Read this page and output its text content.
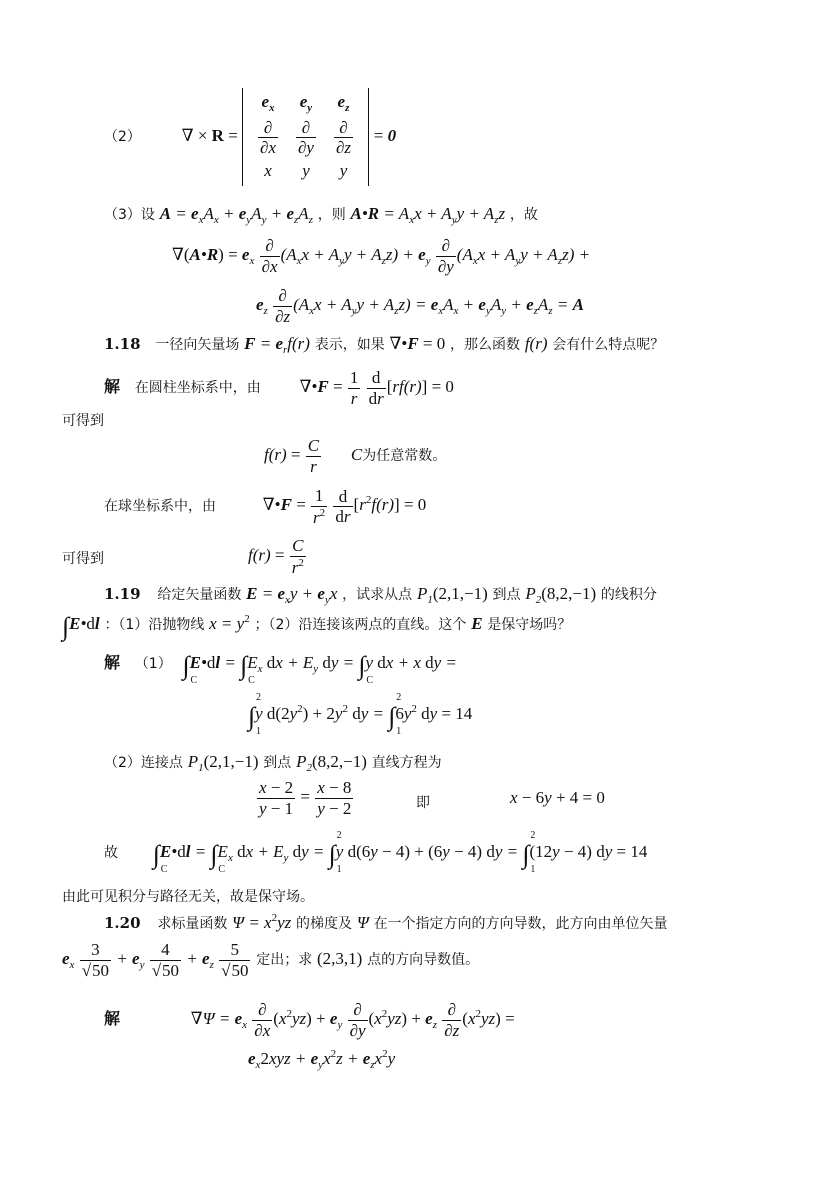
（2） ∇ × R =
$e_x$	$e_y$	$e_z$

$\frac{\partial}{\partial x}$	$\frac{\partial}{\partial y}$	$\frac{\partial}{\partial z}$

x	y	y
= 0
（3）设 $A = e_xA_x + e_yA_y + e_zA_z$ ，则 A•R = $A_xx + A_yy + A_zz$ ，故
∇(A•R) = $e_x \frac{\partial}{\partial x} (A_xx + A_yy + A_zz) + e_y \frac{\partial}{\partial y} (A_xx + A_yy + A_zz)$ +
$e_z \frac{\partial}{\partial z} (A_xx + A_yy + A_zz) = e_xA_x + e_yA_y + e_zA_z = A$
1.18 一径向矢量场 $F = e_rf(r)$ 表示，如果 ∇•F = 0 ，那么函数 f(r) 会有什么特点呢？
解 在圆柱坐标系中，由 ∇•F = $\frac{1}{r}$
$\frac{d}{dr} [rf(r)] = 0$
可得到
$f(r) = \frac{C}{r}$ C为任意常数。
在球坐标系中，由	∇•F = $\frac{1}{r^2}$
$\frac{d}{dr} [r^2f(r)] = 0$
可得到	$f(r) = \frac{C}{r^2}$
1.19 给定矢量函数 $E = e_xy + e_yx$ ，试求从点 $P_1(2,1,-1)$ 到点 $P_2(8,2,-1)$ 的线积分
∫E•dl ：（1）沿抛物线 $x = y^2$ ；（2）沿连接该两点的直线。这个 E 是保守场吗？
解 （1） ∫
C
E•dl = ∫
C
$E_x$ dx + $E_y$ dy = ∫
C
y dx + x dy =
∫
2
1
y $d(2y^2) + 2y^2$ dy = ∫
2
1
$6y^2$ dy = 14
（2）连接点 $P_1(2,1,-1)$ 到点 $P_2(8,2,-1)$ 直线方程为
$\frac{x - 2}{y - 1} = \frac{x - 8}{y - 2}$	即	x − 6y + 4 = 0
故 ∫
C
E•dl = ∫
C
$E_x$ dx + $E_y$ dy = ∫
2
1
y d(6y − 4) + (6y − 4) dy = ∫
2
1
(12y − 4) dy = 14
由此可见积分与路径无关，故是保守场。
1.20 求标量函数 $\Psi = x^2yz$ 的梯度及 Ψ 在一个指定方向的方向导数，此方向由单位矢量
$e_x \frac{3}{√50} + e_y \frac{4}{√50} + e_z \frac{5}{√50}$ 定出；求 (2,3,1) 点的方向导数值。
解	$\nabla\Psi = e_x \frac{\partial}{\partial x} (x^2yz) + e_y \frac{\partial}{\partial y} (x^2yz) + e_z \frac{\partial}{\partial z} (x^2yz)$ =
$e_x2xyz + e_yx^2z + e_zx^2y$
